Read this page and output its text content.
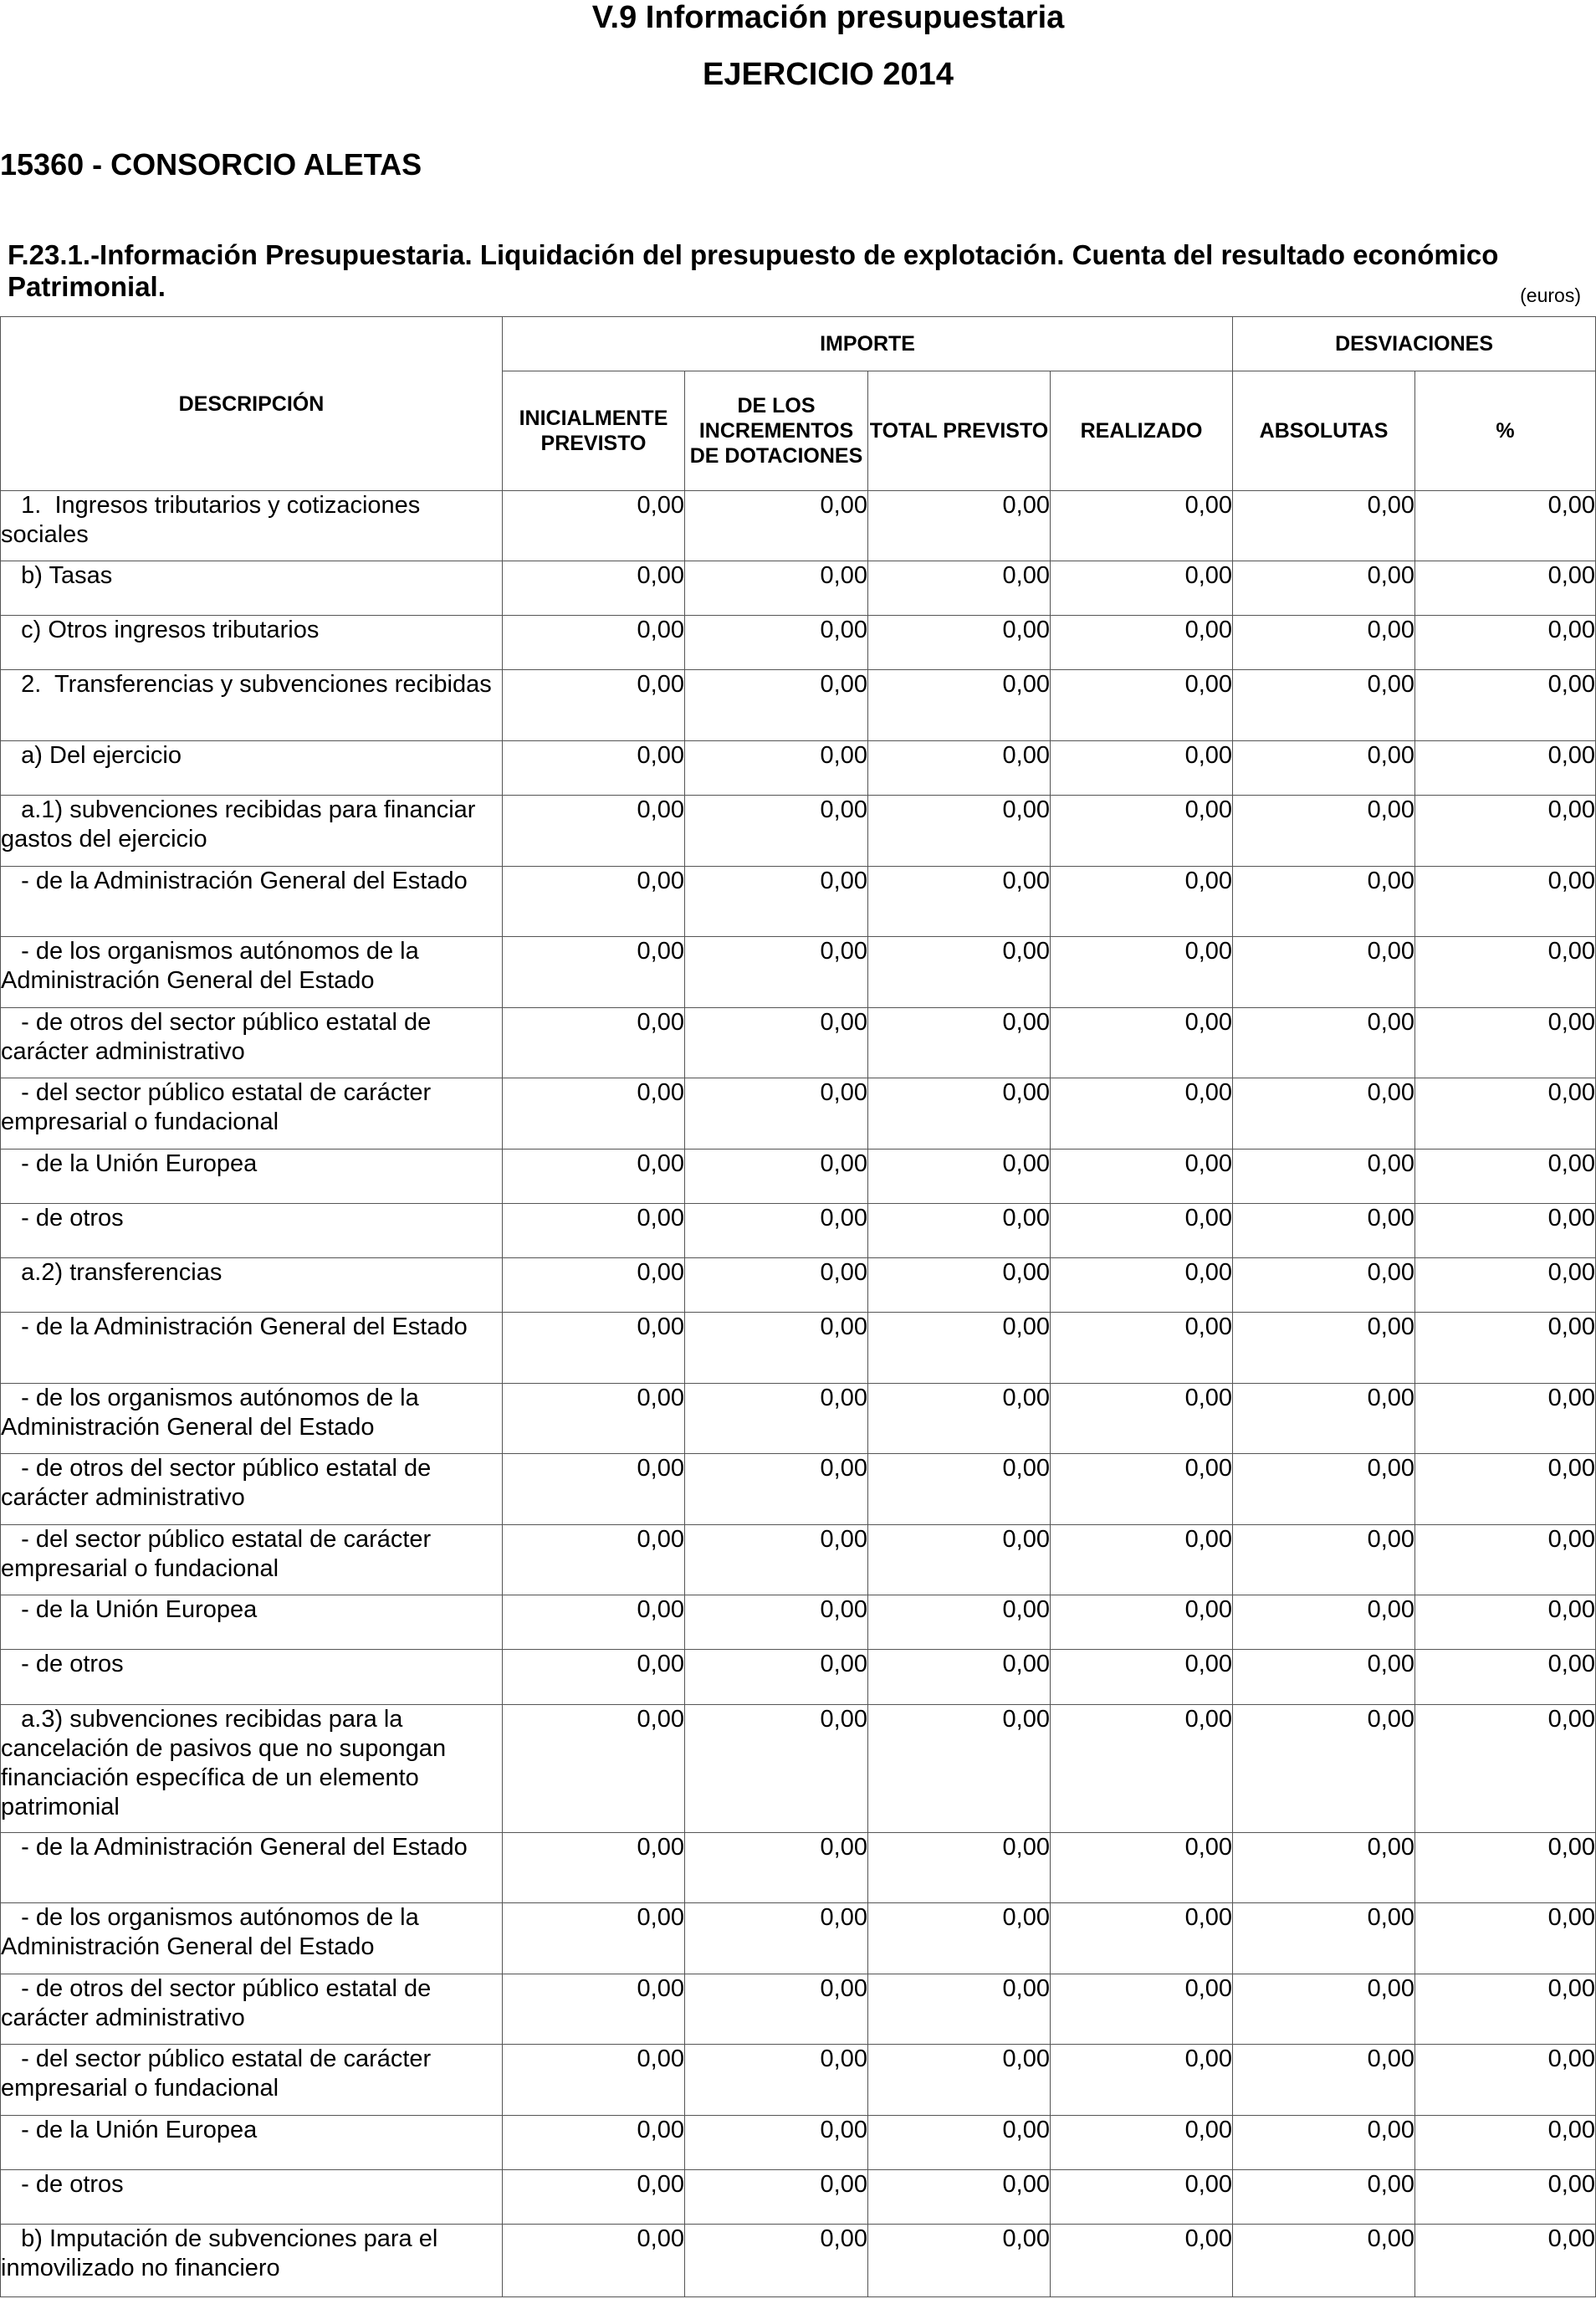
V.9 Información presupuestaria
EJERCICIO 2014
15360 - CONSORCIO ALETAS
F.23.1.-Información Presupuestaria. Liquidación del presupuesto de explotación. Cuenta del resultado económico Patrimonial.	(euros)
DESCRIPCIÓN	IMPORTE				DESVIACIONES	
	INICIALMENTE PREVISTO	DE LOS INCREMENTOS DE DOTACIONES	TOTAL PREVISTO	REALIZADO	ABSOLUTAS	%
1.  Ingresos tributarios y cotizaciones sociales	0,00	0,00	0,00	0,00	0,00	0,00
b) Tasas	0,00	0,00	0,00	0,00	0,00	0,00
c) Otros ingresos tributarios	0,00	0,00	0,00	0,00	0,00	0,00
2.  Transferencias y subvenciones recibidas	0,00	0,00	0,00	0,00	0,00	0,00
a) Del ejercicio	0,00	0,00	0,00	0,00	0,00	0,00
a.1) subvenciones recibidas para financiar gastos del ejercicio	0,00	0,00	0,00	0,00	0,00	0,00
- de la Administración General del Estado	0,00	0,00	0,00	0,00	0,00	0,00
- de los organismos autónomos de la Administración General del Estado	0,00	0,00	0,00	0,00	0,00	0,00
- de otros del sector público estatal de carácter administrativo	0,00	0,00	0,00	0,00	0,00	0,00
- del sector público estatal de carácter empresarial o fundacional	0,00	0,00	0,00	0,00	0,00	0,00
- de la Unión Europea	0,00	0,00	0,00	0,00	0,00	0,00
- de otros	0,00	0,00	0,00	0,00	0,00	0,00
a.2) transferencias	0,00	0,00	0,00	0,00	0,00	0,00
- de la Administración General del Estado	0,00	0,00	0,00	0,00	0,00	0,00
- de los organismos autónomos de la Administración General del Estado	0,00	0,00	0,00	0,00	0,00	0,00
- de otros del sector público estatal de carácter administrativo	0,00	0,00	0,00	0,00	0,00	0,00
- del sector público estatal de carácter empresarial o fundacional	0,00	0,00	0,00	0,00	0,00	0,00
- de la Unión Europea	0,00	0,00	0,00	0,00	0,00	0,00
- de otros	0,00	0,00	0,00	0,00	0,00	0,00
a.3) subvenciones recibidas para la cancelación de pasivos que no supongan financiación específica de un elemento patrimonial	0,00	0,00	0,00	0,00	0,00	0,00
- de la Administración General del Estado	0,00	0,00	0,00	0,00	0,00	0,00
- de los organismos autónomos de la Administración General del Estado	0,00	0,00	0,00	0,00	0,00	0,00
- de otros del sector público estatal de carácter administrativo	0,00	0,00	0,00	0,00	0,00	0,00
- del sector público estatal de carácter empresarial o fundacional	0,00	0,00	0,00	0,00	0,00	0,00
- de la Unión Europea	0,00	0,00	0,00	0,00	0,00	0,00
- de otros	0,00	0,00	0,00	0,00	0,00	0,00
b) Imputación de subvenciones para el inmovilizado no financiero	0,00	0,00	0,00	0,00	0,00	0,00
